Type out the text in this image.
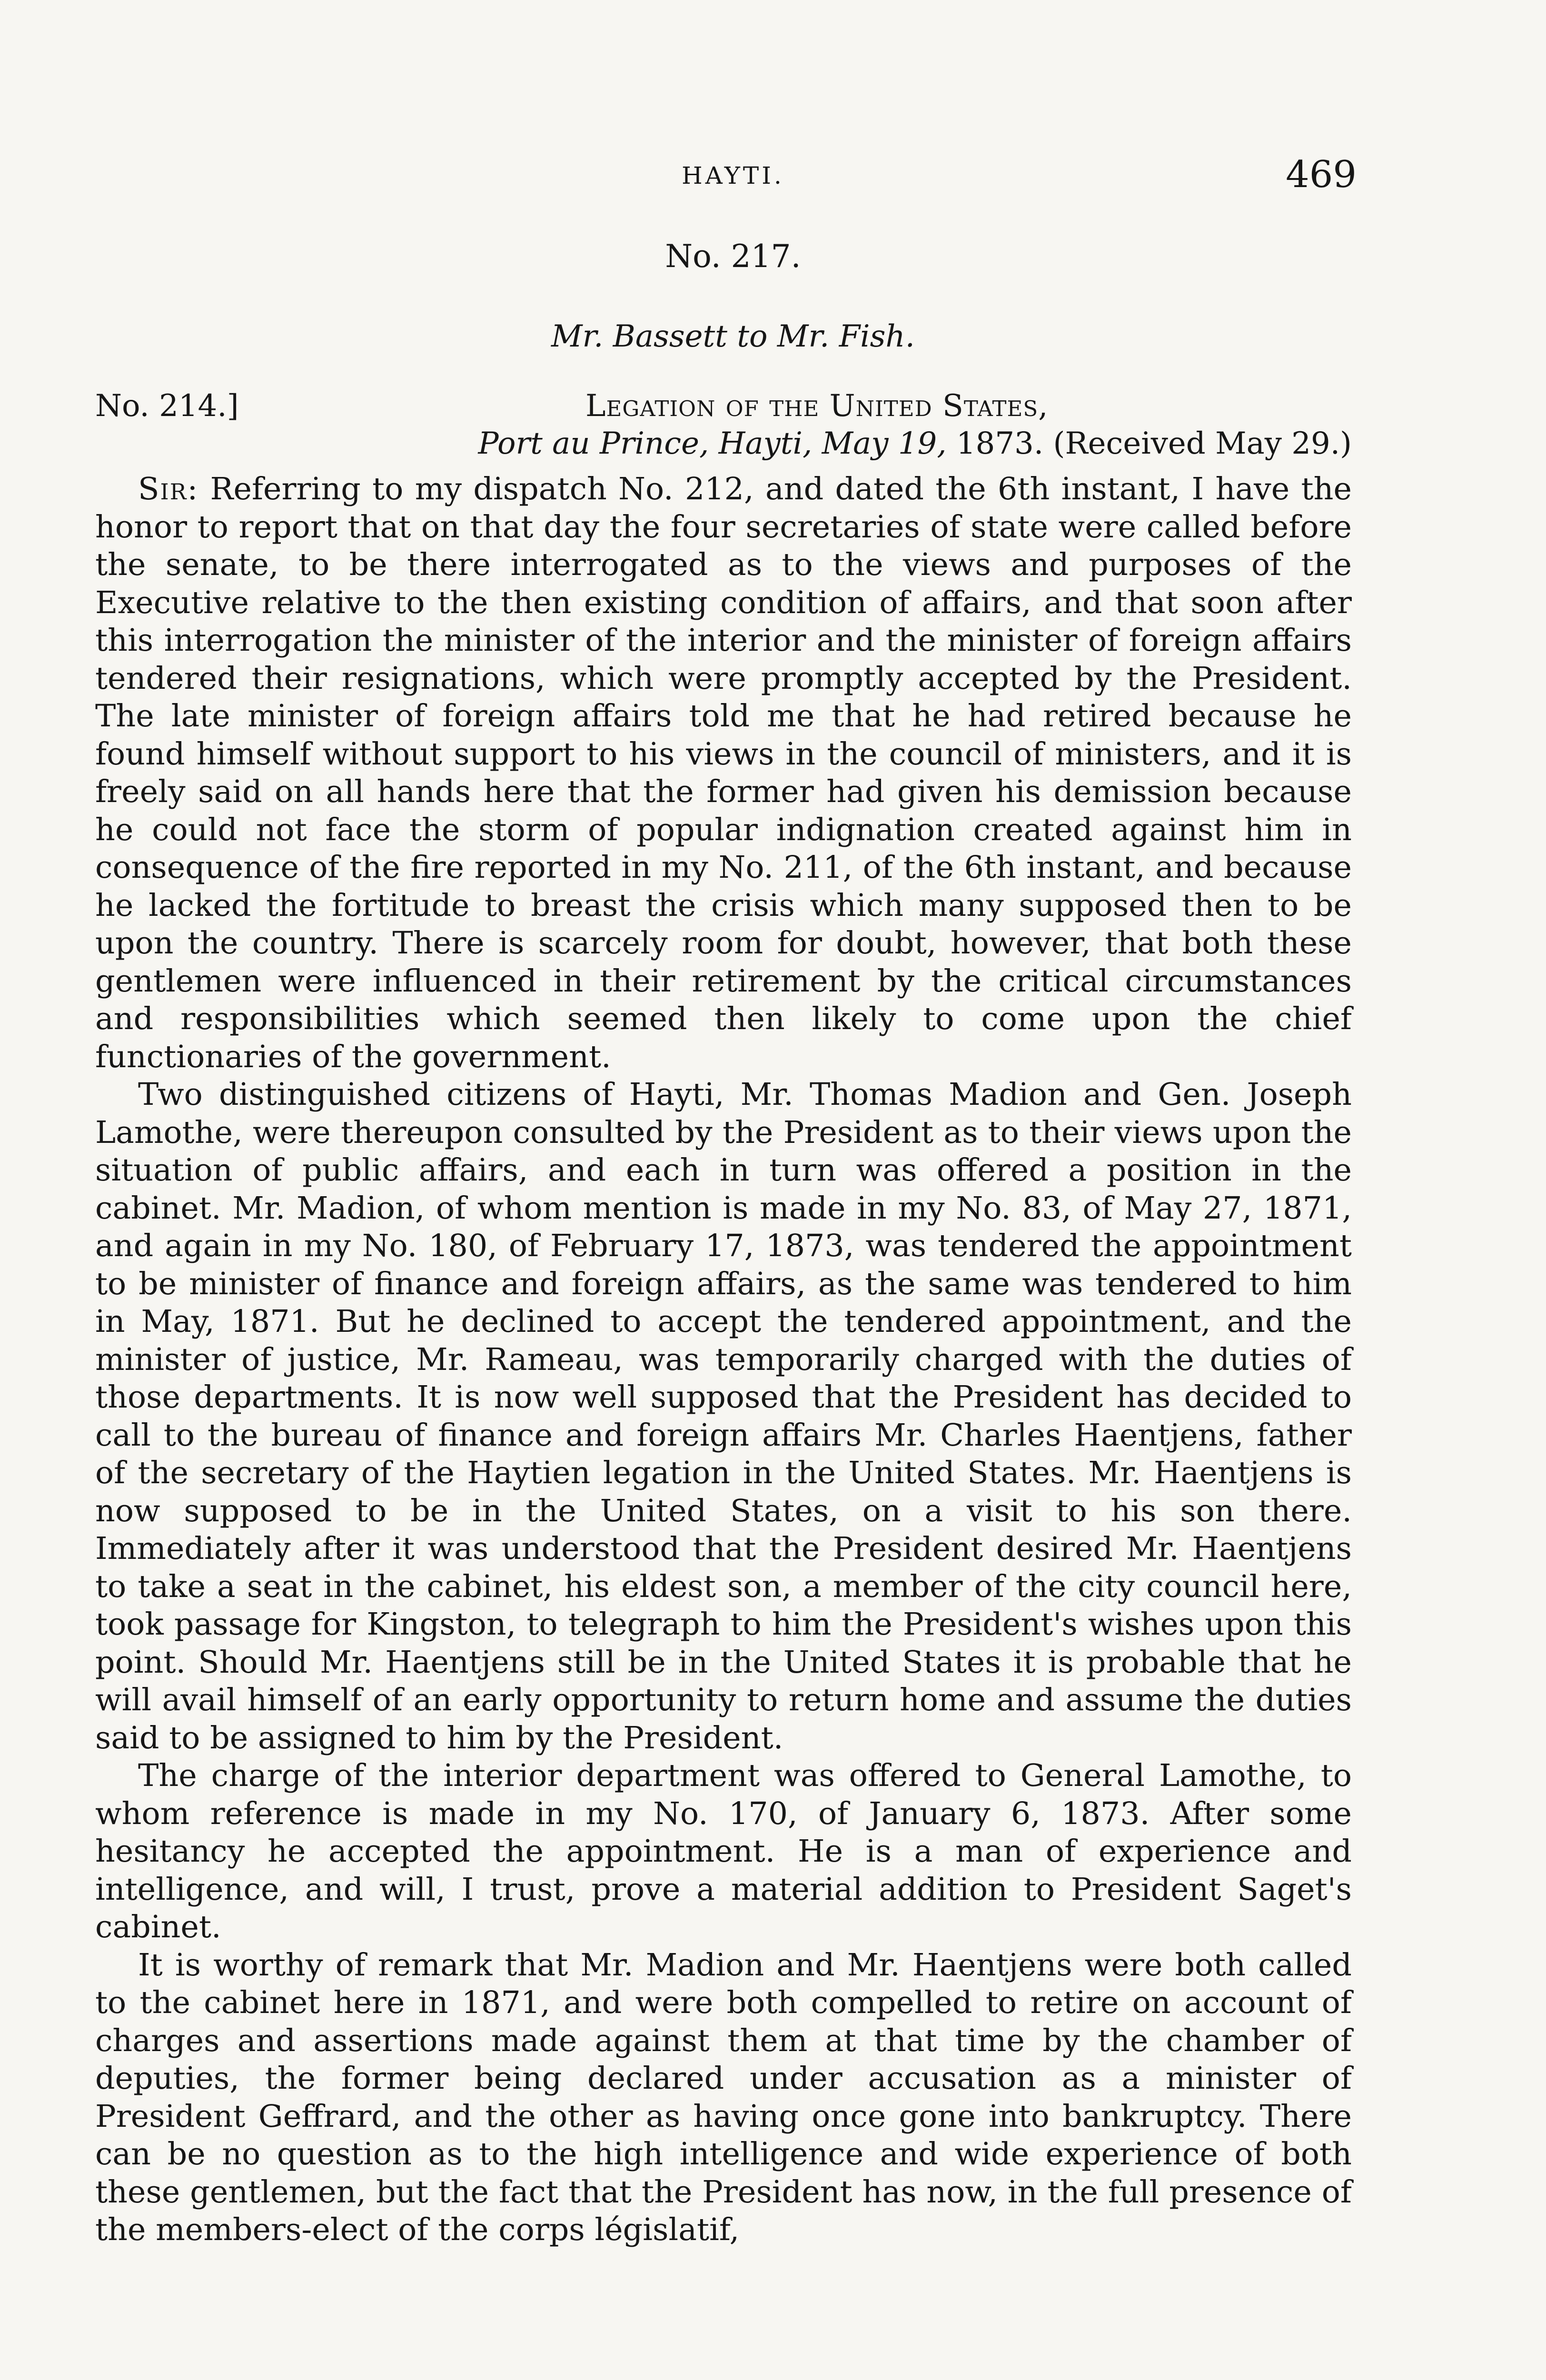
HAYTI.	469
No. 217.
Mr. Bassett to Mr. Fish.
No. 214.]	Legation of the United States,
Port au Prince, Hayti, May 19, 1873. (Received May 29.)

Sir: Referring to my dispatch No. 212, and dated the 6th instant, I have the honor to report that on that day the four secretaries of state were called before the senate, to be there interrogated as to the views and purposes of the Executive relative to the then existing condition of affairs, and that soon after this interrogation the minister of the interior and the minister of foreign affairs tendered their resignations, which were promptly accepted by the President. The late minister of foreign affairs told me that he had retired because he found himself without support to his views in the council of ministers, and it is freely said on all hands here that the former had given his demission because he could not face the storm of popular indignation created against him in consequence of the fire reported in my No. 211, of the 6th instant, and because he lacked the fortitude to breast the crisis which many supposed then to be upon the country. There is scarcely room for doubt, however, that both these gentlemen were influenced in their retirement by the critical circumstances and responsibilities which seemed then likely to come upon the chief functionaries of the government.

Two distinguished citizens of Hayti, Mr. Thomas Madion and Gen. Joseph Lamothe, were thereupon consulted by the President as to their views upon the situation of public affairs, and each in turn was offered a position in the cabinet. Mr. Madion, of whom mention is made in my No. 83, of May 27, 1871, and again in my No. 180, of February 17, 1873, was tendered the appointment to be minister of finance and foreign affairs, as the same was tendered to him in May, 1871. But he declined to accept the tendered appointment, and the minister of justice, Mr. Rameau, was temporarily charged with the duties of those departments. It is now well supposed that the President has decided to call to the bureau of finance and foreign affairs Mr. Charles Haentjens, father of the secretary of the Haytien legation in the United States. Mr. Haentjens is now supposed to be in the United States, on a visit to his son there. Immediately after it was understood that the President desired Mr. Haentjens to take a seat in the cabinet, his eldest son, a member of the city council here, took passage for Kingston, to telegraph to him the President's wishes upon this point. Should Mr. Haentjens still be in the United States it is probable that he will avail himself of an early opportunity to return home and assume the duties said to be assigned to him by the President.

The charge of the interior department was offered to General Lamothe, to whom reference is made in my No. 170, of January 6, 1873. After some hesitancy he accepted the appointment. He is a man of experience and intelligence, and will, I trust, prove a material addition to President Saget's cabinet.

It is worthy of remark that Mr. Madion and Mr. Haentjens were both called to the cabinet here in 1871, and were both compelled to retire on account of charges and assertions made against them at that time by the chamber of deputies, the former being declared under accusation as a minister of President Geffrard, and the other as having once gone into bankruptcy. There can be no question as to the high intelligence and wide experience of both these gentlemen, but the fact that the President has now, in the full presence of the members-elect of the corps législatif,
